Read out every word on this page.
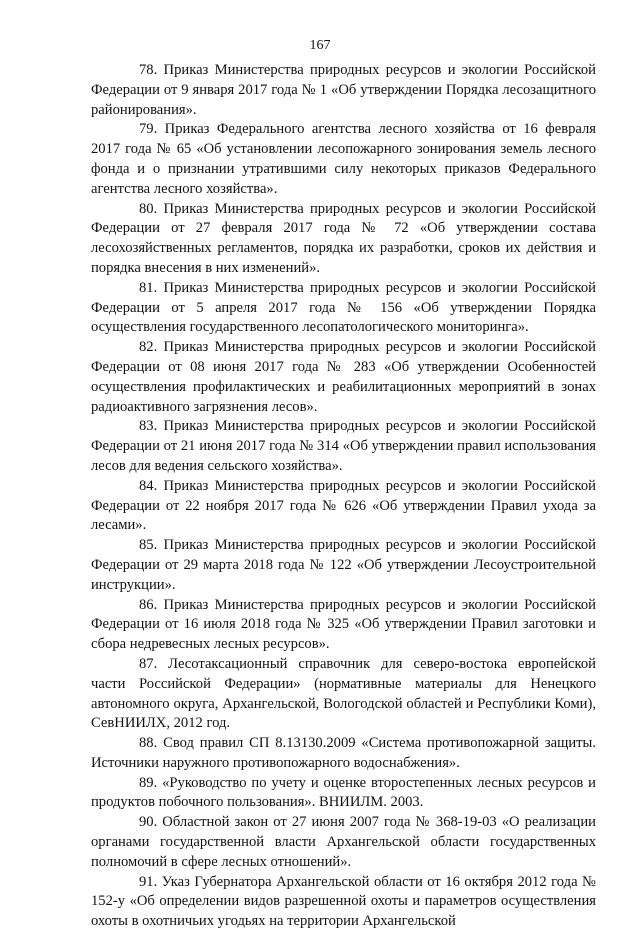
167

78. Приказ Министерства природных ресурсов и экологии Российской Федерации от 9 января 2017 года № 1 «Об утверждении Порядка лесозащитного районирования».

79. Приказ Федерального агентства лесного хозяйства от 16 февраля 2017 года № 65 «Об установлении лесопожарного зонирования земель лесного фонда и о признании утратившими силу некоторых приказов Федерального агентства лесного хозяйства».

80. Приказ Министерства природных ресурсов и экологии Российской Федерации от 27 февраля 2017 года № 72 «Об утверждении состава лесохозяйственных регламентов, порядка их разработки, сроков их действия и порядка внесения в них изменений».

81. Приказ Министерства природных ресурсов и экологии Российской Федерации от 5 апреля 2017 года № 156 «Об утверждении Порядка осуществления государственного лесопатологического мониторинга».

82. Приказ Министерства природных ресурсов и экологии Российской Федерации от 08 июня 2017 года № 283 «Об утверждении Особенностей осуществления профилактических и реабилитационных мероприятий в зонах радиоактивного загрязнения лесов».

83. Приказ Министерства природных ресурсов и экологии Российской Федерации от 21 июня 2017 года № 314 «Об утверждении правил использования лесов для ведения сельского хозяйства».

84. Приказ Министерства природных ресурсов и экологии Российской Федерации от 22 ноября 2017 года № 626 «Об утверждении Правил ухода за лесами».

85. Приказ Министерства природных ресурсов и экологии Российской Федерации от 29 марта 2018 года № 122 «Об утверждении Лесоустроительной инструкции».

86. Приказ Министерства природных ресурсов и экологии Российской Федерации от 16 июля 2018 года № 325 «Об утверждении Правил заготовки и сбора недревесных лесных ресурсов».

87. Лесотаксационный справочник для северо-востока европейской части Российской Федерации» (нормативные материалы для Ненецкого автономного округа, Архангельской, Вологодской областей и Республики Коми), СевНИИЛХ, 2012 год.

88. Свод правил СП 8.13130.2009 «Система противопожарной защиты. Источники наружного противопожарного водоснабжения».

89. «Руководство по учету и оценке второстепенных лесных ресурсов и продуктов побочного пользования». ВНИИЛМ. 2003.

90. Областной закон от 27 июня 2007 года № 368-19-03 «О реализации органами государственной власти Архангельской области государственных полномочий в сфере лесных отношений».

91. Указ Губернатора Архангельской области от 16 октября 2012 года № 152-у «Об определении видов разрешенной охоты и параметров осуществления охоты в охотничьих угодьях на территории Архангельской
